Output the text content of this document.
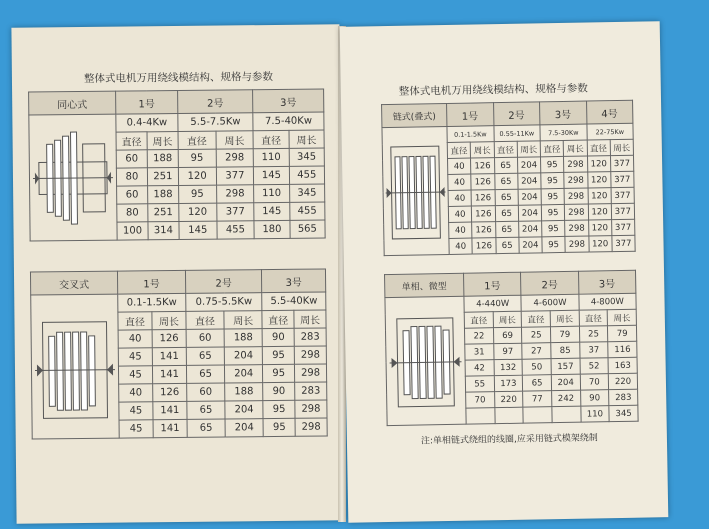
整体式电机万用绕线模结构、规格与参数
同心式	1号		2号		3号	

	0.4-4Kw		5.5-7.5Kw		7.5-40Kw	
	直径	周长	直径	周长	直径	周长
	60	188	95	298	110	345
	80	251	120	377	145	455
	60	188	95	298	110	345
	80	251	120	377	145	455
	100	314	145	455	180	565
交叉式	1号		2号		3号	

	0.1-1.5Kw		0.75-5.5Kw		5.5-40Kw	
	直径	周长	直径	周长	直径	周长
	40	126	60	188	90	283
	45	141	65	204	95	298
	45	141	65	204	95	298
	40	126	60	188	90	283
	45	141	65	204	95	298
	45	141	65	204	95	298
整体式电机万用绕线模结构、规格与参数
链式(叠式)	1号		2号		3号		4号	

	0.1-1.5Kw		0.55-11Kw		7.5-30Kw		22-75Kw	
	直径	周长	直径	周长	直径	周长	直径	周长
	40	126	65	204	95	298	120	377
	40	126	65	204	95	298	120	377
	40	126	65	204	95	298	120	377
	40	126	65	204	95	298	120	377
	40	126	65	204	95	298	120	377
	40	126	65	204	95	298	120	377
单相、微型	1号		2号		3号	

	4-440W		4-600W		4-800W	
	直径	周长	直径	周长	直径	周长
	22	69	25	79	25	79
	31	97	27	85	37	116
	42	132	50	157	52	163
	55	173	65	204	70	220
	70	220	77	242	90	283
					110	345
注:单相链式绕组的线圈,应采用链式模架绕制
